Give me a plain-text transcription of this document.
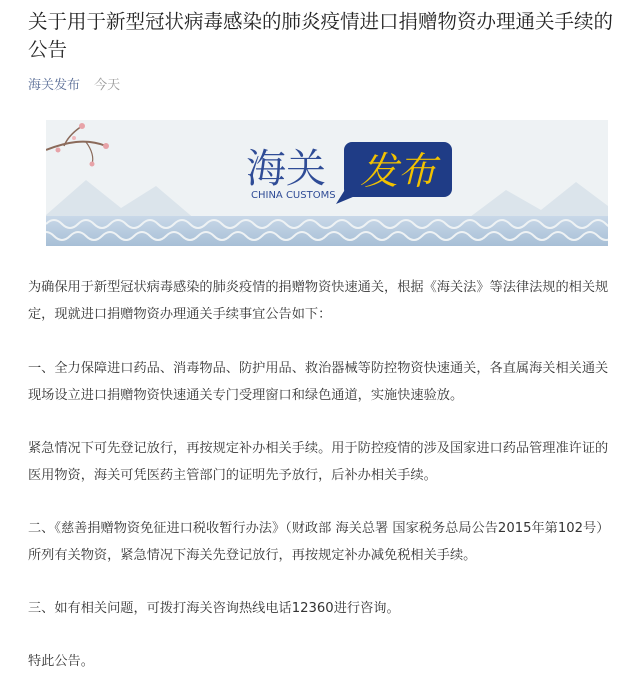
关于用于新型冠状病毒感染的肺炎疫情进口捐赠物资办理通关手续的公告
海关发布 今天
海关
CHINA CUSTOMS
发布
为确保用于新型冠状病毒感染的肺炎疫情的捐赠物资快速通关，根据《海关法》等法律法规的相关规定，现就进口捐赠物资办理通关手续事宜公告如下：
一、全力保障进口药品、消毒物品、防护用品、救治器械等防控物资快速通关，各直属海关相关通关现场设立进口捐赠物资快速通关专门受理窗口和绿色通道，实施快速验放。
紧急情况下可先登记放行，再按规定补办相关手续。用于防控疫情的涉及国家进口药品管理准许证的医用物资，海关可凭医药主管部门的证明先予放行，后补办相关手续。
二、《慈善捐赠物资免征进口税收暂行办法》（财政部 海关总署 国家税务总局公告2015年第102号）所列有关物资，紧急情况下海关先登记放行，再按规定补办减免税相关手续。
三、如有相关问题，可拨打海关咨询热线电话12360进行咨询。
特此公告。
